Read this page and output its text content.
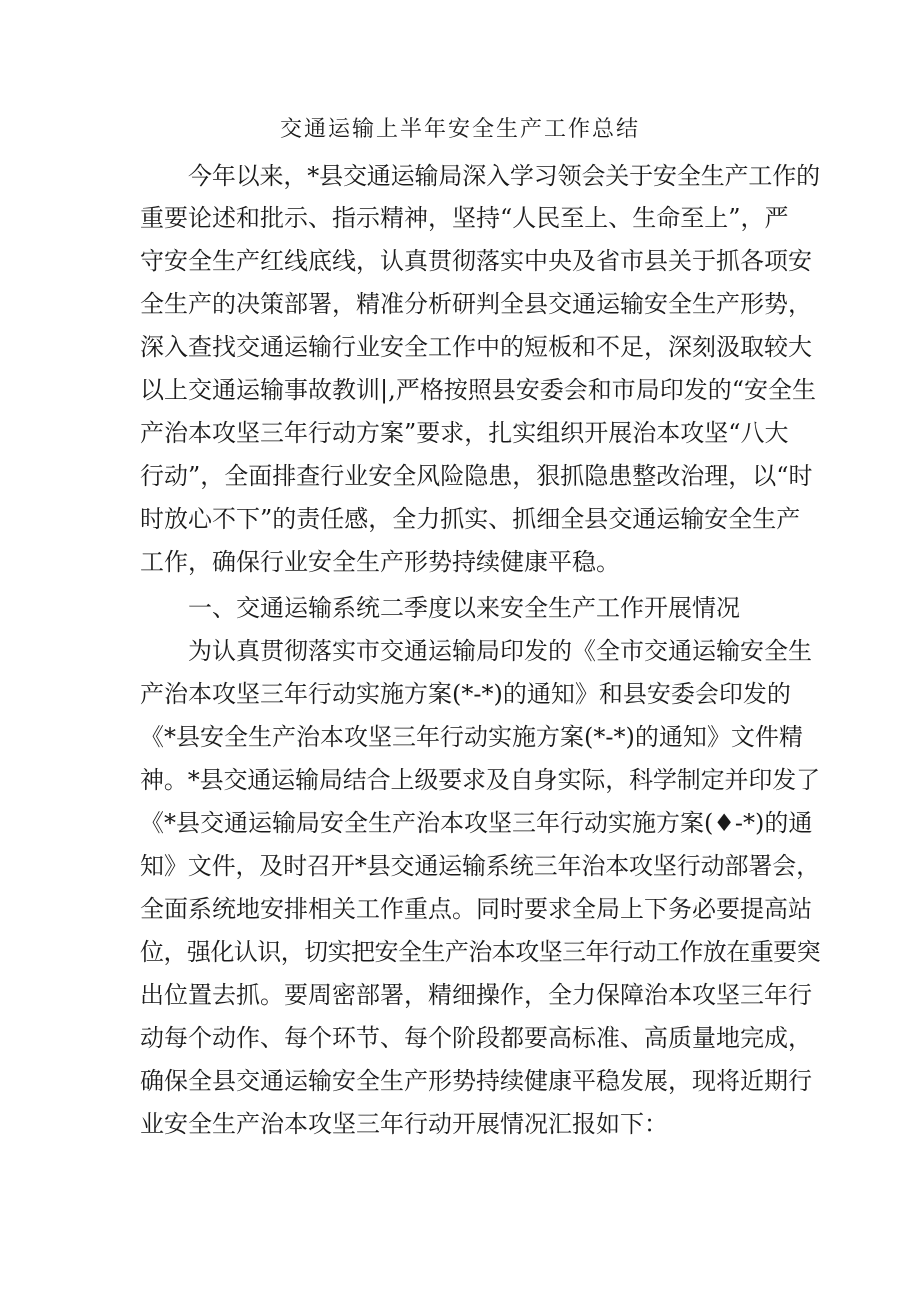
交通运输上半年安全生产工作总结
今年以来，*县交通运输局深入学习领会关于安全生产工作的
重要论述和批示、指示精神，坚持“人民至上、生命至上”，严
守安全生产红线底线，认真贯彻落实中央及省市县关于抓各项安
全生产的决策部署，精准分析研判全县交通运输安全生产形势，
深入查找交通运输行业安全工作中的短板和不足，深刻汲取较大
以上交通运输事故教训|,严格按照县安委会和市局印发的“安全生
产治本攻坚三年行动方案”要求，扎实组织开展治本攻坚“八大
行动”，全面排查行业安全风险隐患，狠抓隐患整改治理，以“时
时放心不下”的责任感，全力抓实、抓细全县交通运输安全生产
工作，确保行业安全生产形势持续健康平稳。
一、交通运输系统二季度以来安全生产工作开展情况
为认真贯彻落实市交通运输局印发的《全市交通运输安全生
产治本攻坚三年行动实施方案(*-*)的通知》和县安委会印发的
《*县安全生产治本攻坚三年行动实施方案(*-*)的通知》文件精
神。*县交通运输局结合上级要求及自身实际，科学制定并印发了
《*县交通运输局安全生产治本攻坚三年行动实施方案(♦-*)的通
知》文件，及时召开*县交通运输系统三年治本攻坚行动部署会，
全面系统地安排相关工作重点。同时要求全局上下务必要提高站
位，强化认识，切实把安全生产治本攻坚三年行动工作放在重要突
出位置去抓。要周密部署，精细操作，全力保障治本攻坚三年行
动每个动作、每个环节、每个阶段都要高标准、高质量地完成，
确保全县交通运输安全生产形势持续健康平稳发展，现将近期行
业安全生产治本攻坚三年行动开展情况汇报如下：
